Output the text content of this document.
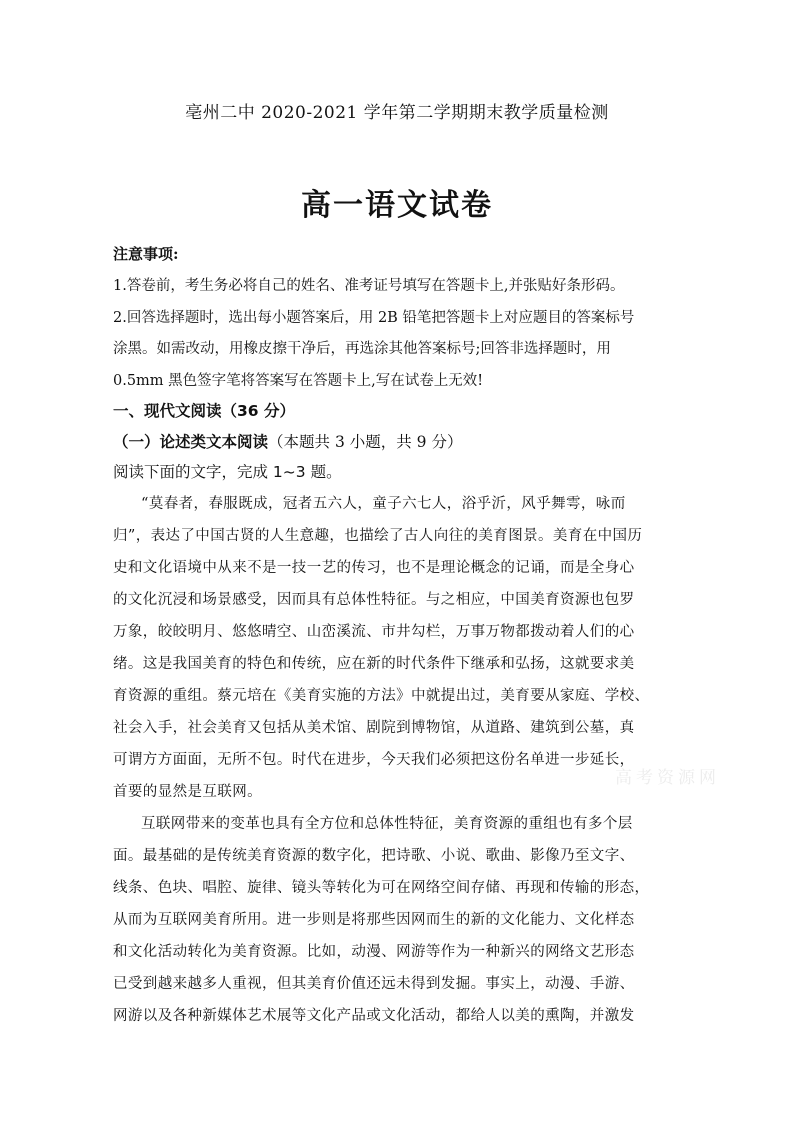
亳州二中 2020-2021 学年第二学期期末教学质量检测
高一语文试卷
注意事项:
1.答卷前，考生务必将自己的姓名、准考证号填写在答题卡上,并张贴好条形码。
2.回答选择题时，选出每小题答案后，用 2B 铅笔把答题卡上对应题目的答案标号
涂黑。如需改动，用橡皮擦干净后，再选涂其他答案标号;回答非选择题时，用
0.5mm 黑色签字笔将答案写在答题卡上,写在试卷上无效!
一、现代文阅读（36 分）
（一）论述类文本阅读（本题共 3 小题，共 9 分）
阅读下面的文字，完成 1~3 题。
“莫春者，春服既成，冠者五六人，童子六七人，浴乎沂，风乎舞雩，咏而
归”，表达了中国古贤的人生意趣，也描绘了古人向往的美育图景。美育在中国历
史和文化语境中从来不是一技一艺的传习，也不是理论概念的记诵，而是全身心
的文化沉浸和场景感受，因而具有总体性特征。与之相应，中国美育资源也包罗
万象，皎皎明月、悠悠晴空、山峦溪流、市井勾栏，万事万物都拨动着人们的心
绪。这是我国美育的特色和传统，应在新的时代条件下继承和弘扬，这就要求美
育资源的重组。蔡元培在《美育实施的方法》中就提出过，美育要从家庭、学校、
社会入手，社会美育又包括从美术馆、剧院到博物馆，从道路、建筑到公墓，真
可谓方方面面，无所不包。时代在进步，今天我们必须把这份名单进一步延长，
首要的显然是互联网。
互联网带来的变革也具有全方位和总体性特征，美育资源的重组也有多个层
面。最基础的是传统美育资源的数字化，把诗歌、小说、歌曲、影像乃至文字、
线条、色块、唱腔、旋律、镜头等转化为可在网络空间存储、再现和传输的形态，
从而为互联网美育所用。进一步则是将那些因网而生的新的文化能力、文化样态
和文化活动转化为美育资源。比如，动漫、网游等作为一种新兴的网络文艺形态
已受到越来越多人重视，但其美育价值还远未得到发掘。事实上，动漫、手游、
网游以及各种新媒体艺术展等文化产品或文化活动，都给人以美的熏陶，并激发
高考资源网
